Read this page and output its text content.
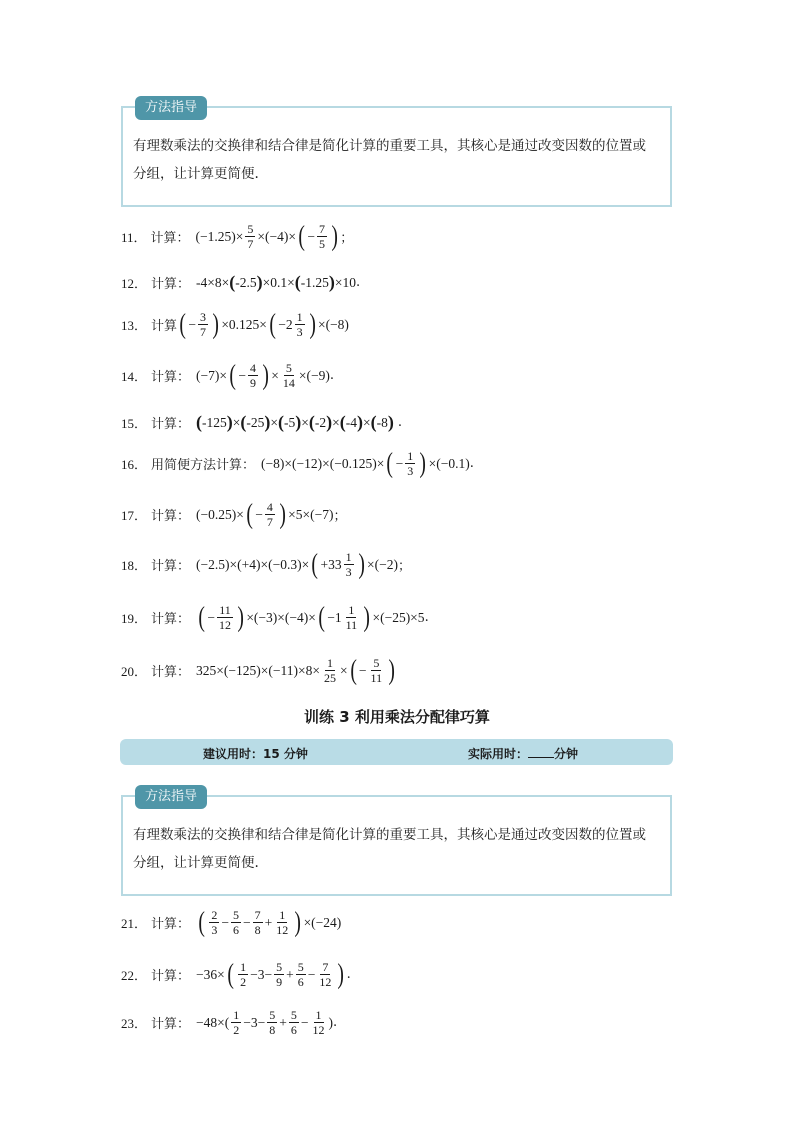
方法指导

有理数乘法的交换律和结合律是简化计算的重要工具，其核心是通过改变因数的位置或

分组，让计算更简便.

11． 计算： $(-1.25)\times \frac{5}{7} \times(-4)\times$ ( − $\frac{7}{5}$ ) ；
12． 计算： -4×8× ( -2.5 ) ×0.1× ( -1.25 ) ×10 .
13． 计算 ( − $\frac{3}{7}$ ) ×0.125× ( $-2 \frac{1}{3}$ ) ×(−8)
14． 计算： (−7)× ( − $\frac{4}{9}$ ) × $\frac{5}{14} \times(-9)$ .
15． 计算： ( -125 ) × ( -25 ) × ( -5 ) × ( -2 ) × ( -4 ) × ( -8 ) .
16． 用简便方法计算： (−8)×(−12)×(−0.125)× ( − $\frac{1}{3}$ ) ×(−0.1) .
17． 计算： (−0.25)× ( − $\frac{4}{7}$ ) ×5×(−7) ；
18． 计算： (−2.5)×(+4)×(−0.3)× ( $+33 \frac{1}{3}$ ) ×(−2) ；
19． 计算： ( − $\frac{11}{12}$ ) ×(−3)×(−4)× ( $-1 \frac{1}{11}$ ) ×(−25)×5 .
20． 计算： $325\times(-125)\times(-11)\times 8\times \frac{1}{25}$ × ( − $\frac{5}{11}$ )
训练 3 利用乘法分配律巧算
建议用时：15 分钟	实际用时： 分钟
方法指导

有理数乘法的交换律和结合律是简化计算的重要工具，其核心是通过改变因数的位置或

分组，让计算更简便.

21． 计算： ( $\frac{2}{3} - \frac{5}{6} - \frac{7}{8} + \frac{1}{12}$ ) ×(−24)
22． 计算： −36× ( $\frac{1}{2} -3- \frac{5}{9} + \frac{5}{6} - \frac{7}{12}$ ) .
23． 计算： $-48\times( \frac{1}{2} -3- \frac{5}{8} + \frac{5}{6} - \frac{1}{12}$ ) .
